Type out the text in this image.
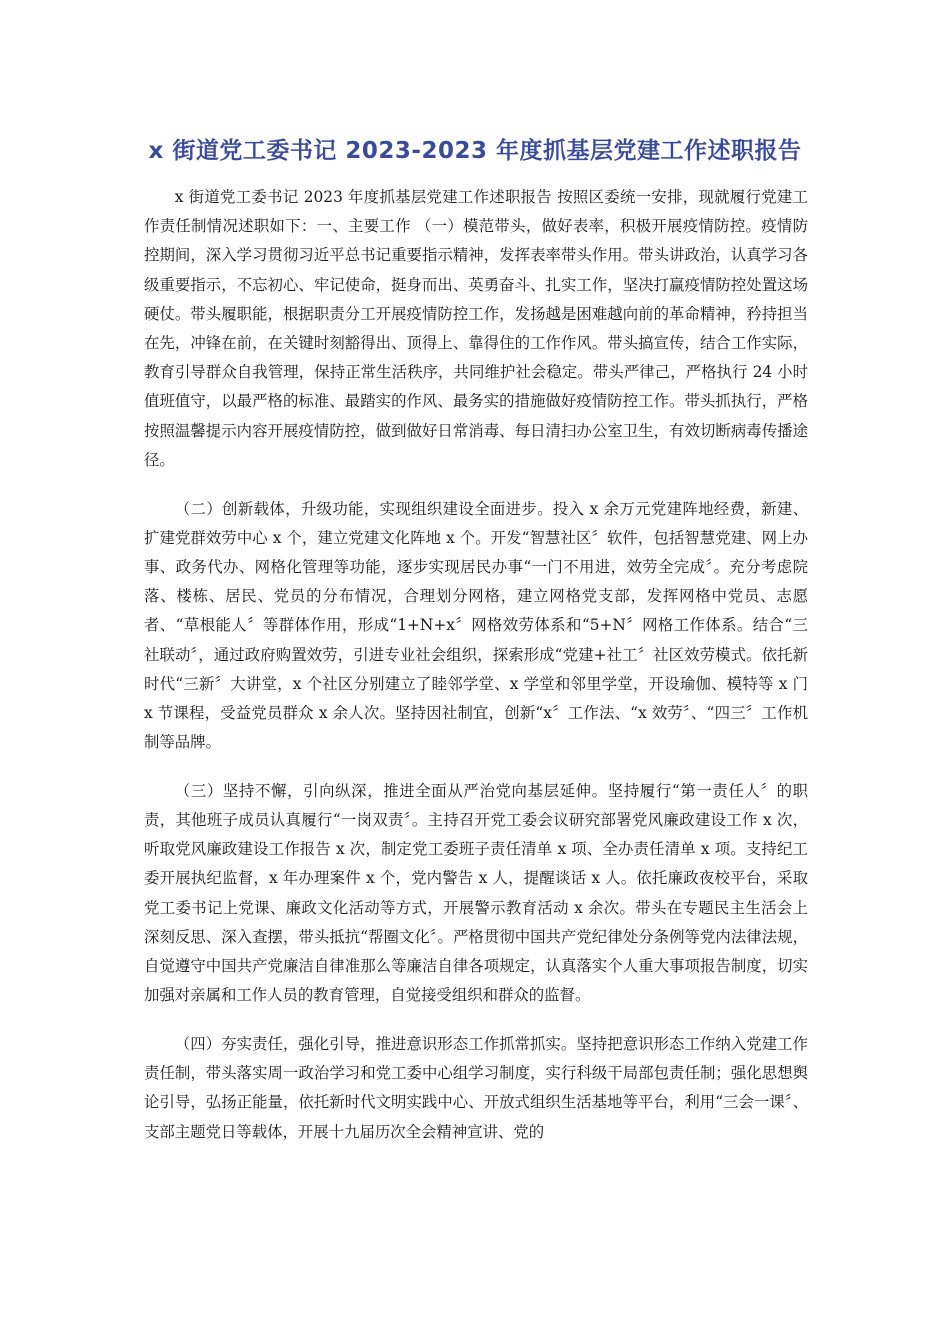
x 街道党工委书记 2023-2023 年度抓基层党建工作述职报告

x 街道党工委书记 2023 年度抓基层党建工作述职报告 按照区委统一安排，现就履行党建工作责任制情况述职如下：一、主要工作 （一）模范带头，做好表率，积极开展疫情防控。疫情防控期间，深入学习贯彻习近平总书记重要指示精神，发挥表率带头作用。带头讲政治，认真学习各级重要指示，不忘初心、牢记使命，挺身而出、英勇奋斗、扎实工作，坚决打赢疫情防控处置这场硬仗。带头履职能，根据职责分工开展疫情防控工作，发扬越是困难越向前的革命精神，矜持担当在先，冲锋在前，在关键时刻豁得出、顶得上、靠得住的工作作风。带头搞宣传，结合工作实际，教育引导群众自我管理，保持正常生活秩序，共同维护社会稳定。带头严律己，严格执行 24 小时值班值守，以最严格的标准、最踏实的作风、最务实的措施做好疫情防控工作。带头抓执行，严格按照温馨提示内容开展疫情防控，做到做好日常消毒、每日清扫办公室卫生，有效切断病毒传播途径。

（二）创新载体，升级功能，实现组织建设全面进步。投入 x 余万元党建阵地经费，新建、扩建党群效劳中心 x 个，建立党建文化阵地 x 个。开发“智慧社区〞软件，包括智慧党建、网上办事、政务代办、网格化管理等功能，逐步实现居民办事“一门不用进，效劳全完成〞。充分考虑院落、楼栋、居民、党员的分布情况，合理划分网格，建立网格党支部，发挥网格中党员、志愿者、“草根能人〞等群体作用，形成“1+N+x〞网格效劳体系和“5+N〞网格工作体系。结合“三社联动〞，通过政府购置效劳，引进专业社会组织，探索形成“党建+社工〞社区效劳模式。依托新时代“三新〞大讲堂，x 个社区分别建立了睦邻学堂、x 学堂和邻里学堂，开设瑜伽、模特等 x 门 x 节课程，受益党员群众 x 余人次。坚持因社制宜，创新“x〞工作法、“x 效劳〞、“四三〞工作机制等品牌。

（三）坚持不懈，引向纵深，推进全面从严治党向基层延伸。坚持履行“第一责任人〞的职责，其他班子成员认真履行“一岗双责〞。主持召开党工委会议研究部署党风廉政建设工作 x 次，听取党风廉政建设工作报告 x 次，制定党工委班子责任清单 x 项、全办责任清单 x 项。支持纪工委开展执纪监督，x 年办理案件 x 个，党内警告 x 人，提醒谈话 x 人。依托廉政夜校平台，采取党工委书记上党课、廉政文化活动等方式，开展警示教育活动 x 余次。带头在专题民主生活会上深刻反思、深入查摆，带头抵抗“帮圈文化〞。严格贯彻中国共产党纪律处分条例等党内法律法规，自觉遵守中国共产党廉洁自律准那么等廉洁自律各项规定，认真落实个人重大事项报告制度，切实加强对亲属和工作人员的教育管理，自觉接受组织和群众的监督。

（四）夯实责任，强化引导，推进意识形态工作抓常抓实。坚持把意识形态工作纳入党建工作责任制，带头落实周一政治学习和党工委中心组学习制度，实行科级干局部包责任制；强化思想舆论引导，弘扬正能量，依托新时代文明实践中心、开放式组织生活基地等平台，利用“三会一课〞、支部主题党日等载体，开展十九届历次全会精神宣讲、党的
